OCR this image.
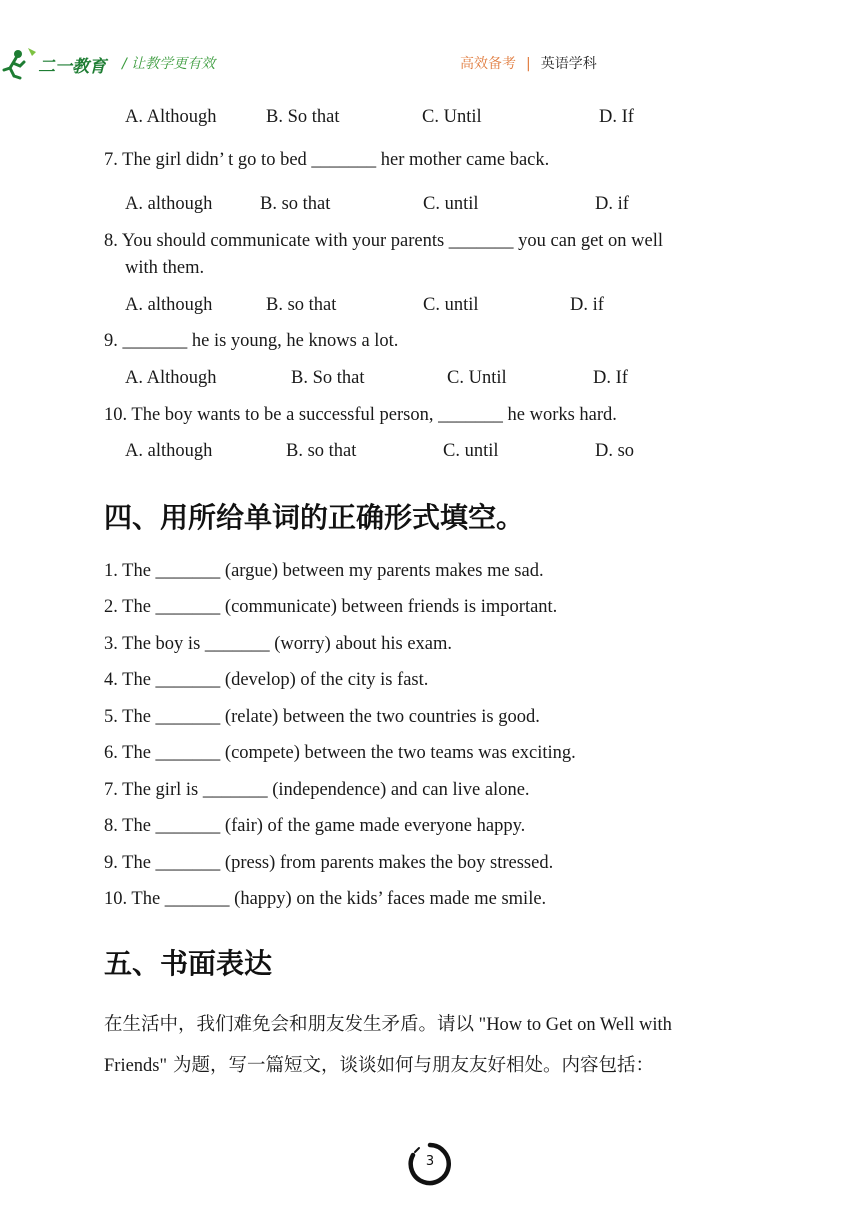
二一教育 / 让教学更有效	高效备考 | 英语学科
A. Although	B. So that	C. Until	D. If
7. The girl didn’ t go to bed _______ her mother came back.
A. although	B. so that	C. until	D. if
8. You should communicate with your parents _______ you can get on well
with them.
A. although	B. so that	C. until	D. if
9. _______ he is young, he knows a lot.
A. Although	B. So that	C. Until	D. If
10. The boy wants to be a successful person, _______ he works hard.
A. although	B. so that	C. until	D. so
四、用所给单词的正确形式填空。
1. The _______ (argue) between my parents makes me sad.
2. The _______ (communicate) between friends is important.
3. The boy is _______ (worry) about his exam.
4. The _______ (develop) of the city is fast.
5. The _______ (relate) between the two countries is good.
6. The _______ (compete) between the two teams was exciting.
7. The girl is _______ (independence) and can live alone.
8. The _______ (fair) of the game made everyone happy.
9. The _______ (press) from parents makes the boy stressed.
10. The _______ (happy) on the kids’ faces made me smile.
五、书面表达
在生活中，我们难免会和朋友发生矛盾。请以 "How to Get on Well with
Friends" 为题，写一篇短文，谈谈如何与朋友友好相处。内容包括：
3
